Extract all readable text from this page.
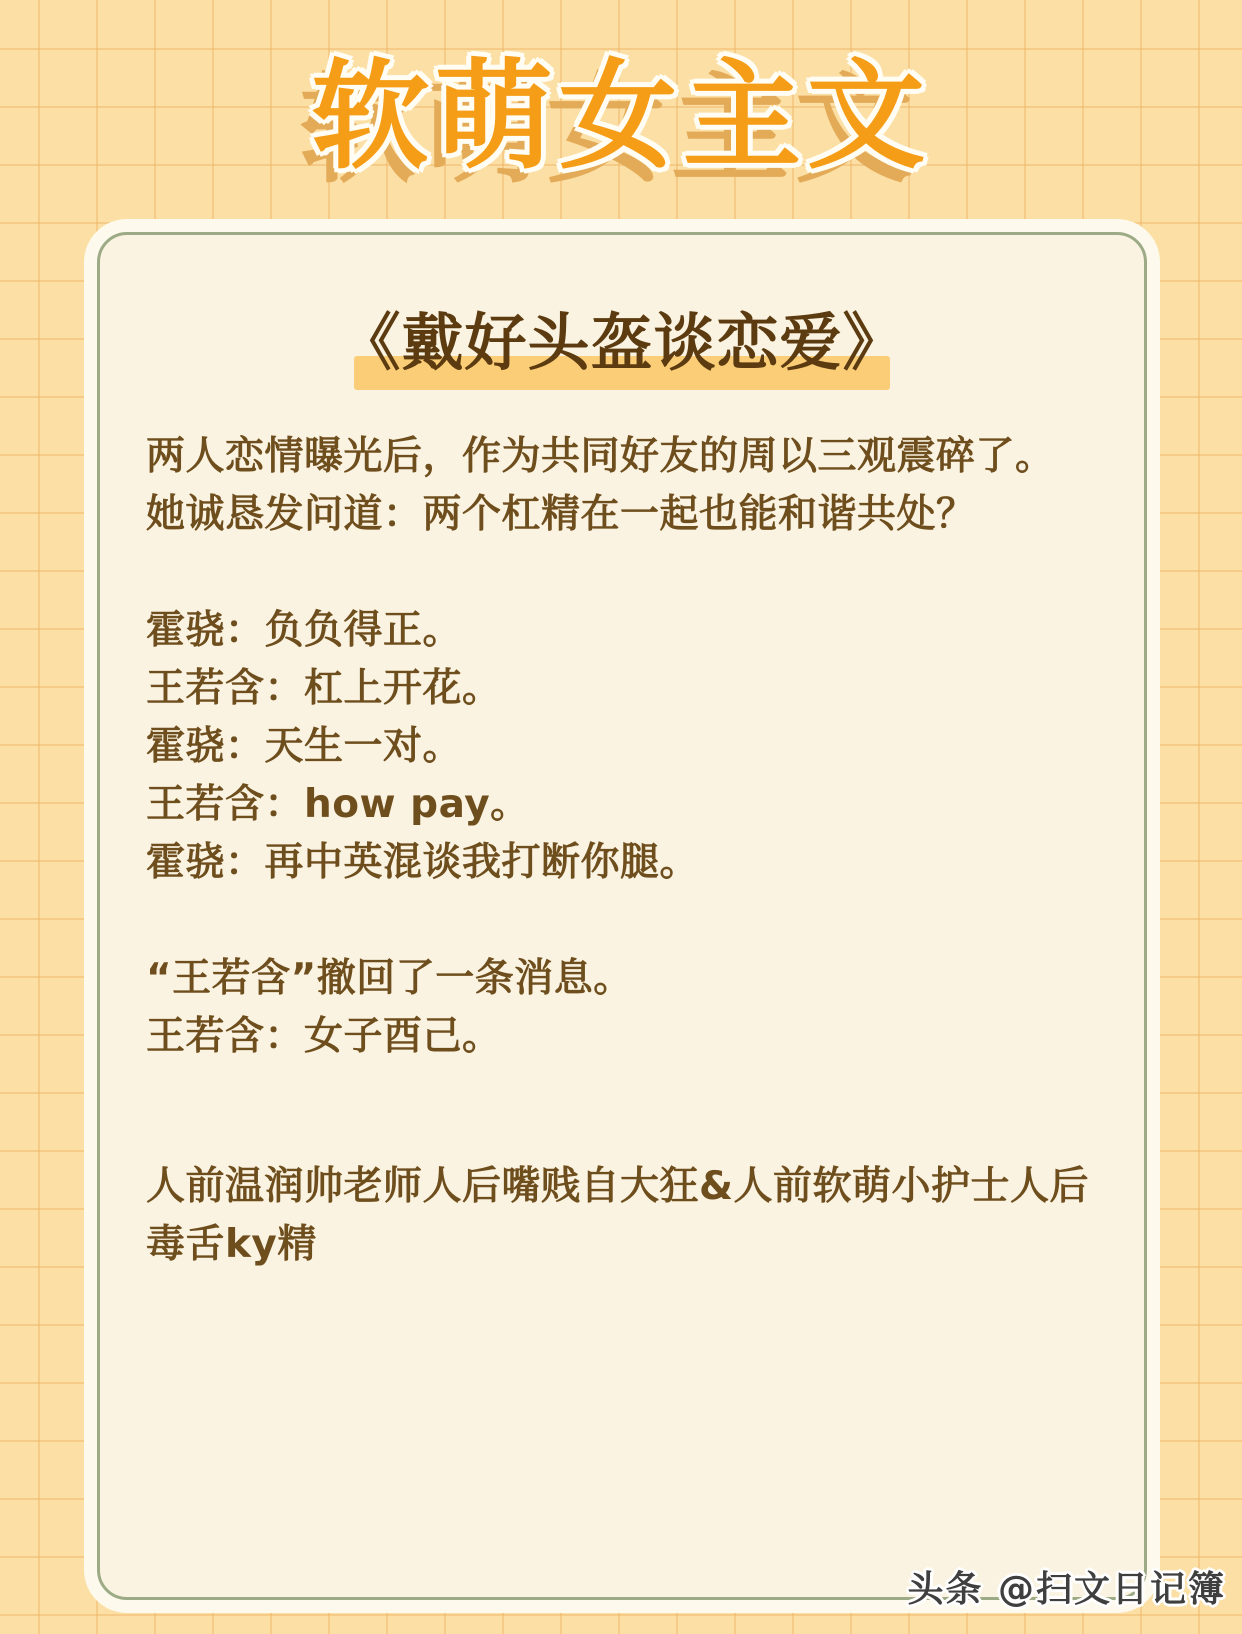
软萌女主文
《戴好头盔谈恋爱》
两人恋情曝光后，作为共同好友的周以三观震碎了。
她诚恳发问道：两个杠精在一起也能和谐共处？
霍骁：负负得正。
王若含：杠上开花。
霍骁：天生一对。
王若含：how pay。
霍骁：再中英混谈我打断你腿。
“王若含”撤回了一条消息。
王若含：女子酉己。
人前温润帅老师人后嘴贱自大狂&人前软萌小护士人后
毒舌ky精
头条 @扫文日记簿
